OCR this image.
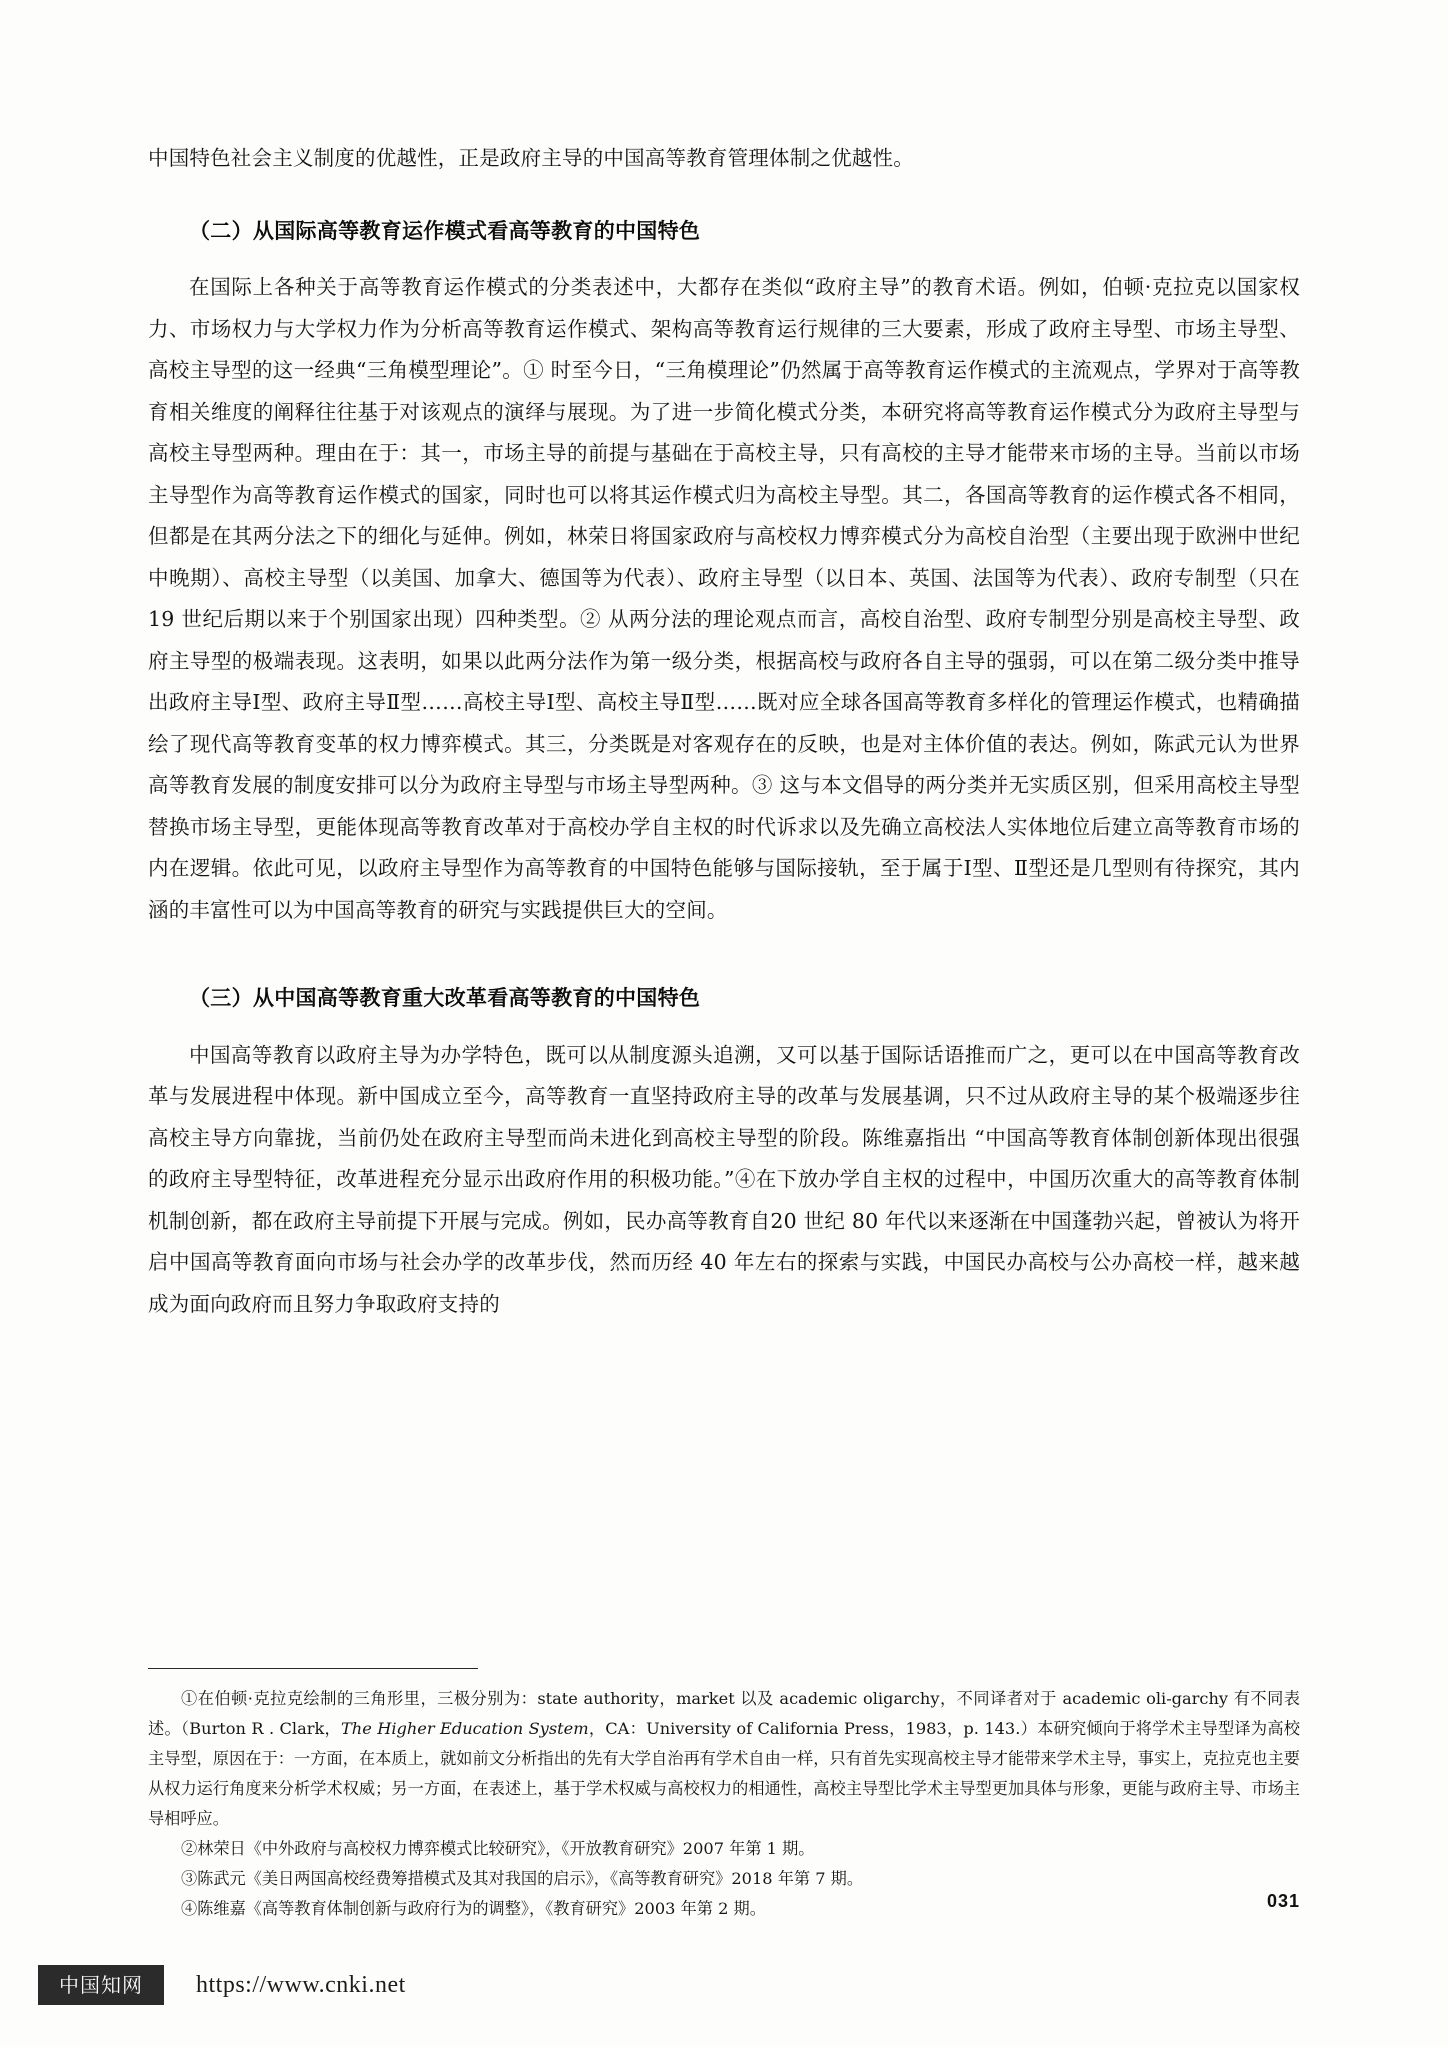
中国特色社会主义制度的优越性，正是政府主导的中国高等教育管理体制之优越性。

（二）从国际高等教育运作模式看高等教育的中国特色

在国际上各种关于高等教育运作模式的分类表述中，大都存在类似“政府主导”的教育术语。例如，伯顿·克拉克以国家权力、市场权力与大学权力作为分析高等教育运作模式、架构高等教育运行规律的三大要素，形成了政府主导型、市场主导型、高校主导型的这一经典“三角模型理论”。① 时至今日，“三角模理论”仍然属于高等教育运作模式的主流观点，学界对于高等教育相关维度的阐释往往基于对该观点的演绎与展现。为了进一步简化模式分类，本研究将高等教育运作模式分为政府主导型与高校主导型两种。理由在于：其一，市场主导的前提与基础在于高校主导，只有高校的主导才能带来市场的主导。当前以市场主导型作为高等教育运作模式的国家，同时也可以将其运作模式归为高校主导型。其二，各国高等教育的运作模式各不相同，但都是在其两分法之下的细化与延伸。例如，林荣日将国家政府与高校权力博弈模式分为高校自治型（主要出现于欧洲中世纪中晚期）、高校主导型（以美国、加拿大、德国等为代表）、政府主导型（以日本、英国、法国等为代表）、政府专制型（只在 19 世纪后期以来于个别国家出现）四种类型。② 从两分法的理论观点而言，高校自治型、政府专制型分别是高校主导型、政府主导型的极端表现。这表明，如果以此两分法作为第一级分类，根据高校与政府各自主导的强弱，可以在第二级分类中推导出政府主导Ⅰ型、政府主导Ⅱ型……高校主导Ⅰ型、高校主导Ⅱ型……既对应全球各国高等教育多样化的管理运作模式，也精确描绘了现代高等教育变革的权力博弈模式。其三，分类既是对客观存在的反映，也是对主体价值的表达。例如，陈武元认为世界高等教育发展的制度安排可以分为政府主导型与市场主导型两种。③ 这与本文倡导的两分类并无实质区别，但采用高校主导型替换市场主导型，更能体现高等教育改革对于高校办学自主权的时代诉求以及先确立高校法人实体地位后建立高等教育市场的内在逻辑。依此可见，以政府主导型作为高等教育的中国特色能够与国际接轨，至于属于Ⅰ型、Ⅱ型还是几型则有待探究，其内涵的丰富性可以为中国高等教育的研究与实践提供巨大的空间。

（三）从中国高等教育重大改革看高等教育的中国特色

中国高等教育以政府主导为办学特色，既可以从制度源头追溯，又可以基于国际话语推而广之，更可以在中国高等教育改革与发展进程中体现。新中国成立至今，高等教育一直坚持政府主导的改革与发展基调，只不过从政府主导的某个极端逐步往高校主导方向靠拢，当前仍处在政府主导型而尚未进化到高校主导型的阶段。陈维嘉指出 “中国高等教育体制创新体现出很强的政府主导型特征，改革进程充分显示出政府作用的积极功能。”④在下放办学自主权的过程中，中国历次重大的高等教育体制机制创新，都在政府主导前提下开展与完成。例如，民办高等教育自20 世纪 80 年代以来逐渐在中国蓬勃兴起，曾被认为将开启中国高等教育面向市场与社会办学的改革步伐，然而历经 40 年左右的探索与实践，中国民办高校与公办高校一样，越来越成为面向政府而且努力争取政府支持的

①在伯顿·克拉克绘制的三角形里，三极分别为：state authority，market 以及 academic oligarchy，不同译者对于 academic oli-garchy 有不同表述。（Burton R . Clark，The Higher Education System，CA：University of California Press，1983，p. 143.）本研究倾向于将学术主导型译为高校主导型，原因在于：一方面，在本质上，就如前文分析指出的先有大学自治再有学术自由一样，只有首先实现高校主导才能带来学术主导，事实上，克拉克也主要从权力运行角度来分析学术权威；另一方面，在表述上，基于学术权威与高校权力的相通性，高校主导型比学术主导型更加具体与形象，更能与政府主导、市场主导相呼应。

②林荣日《中外政府与高校权力博弈模式比较研究》，《开放教育研究》2007 年第 1 期。

③陈武元《美日两国高校经费筹措模式及其对我国的启示》，《高等教育研究》2018 年第 7 期。

④陈维嘉《高等教育体制创新与政府行为的调整》，《教育研究》2003 年第 2 期。	031
中国知网	https://www.cnki.net
